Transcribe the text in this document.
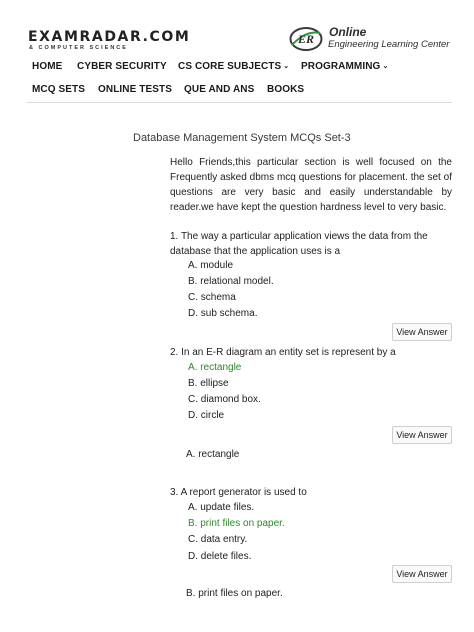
EXAMRADAR.COM
& COMPUTER SCIENCE
ER Online
Engineering Learning Center
HOME CYBER SECURITY CS CORE SUBJECTS ⌄ PROGRAMMING ⌄
MCQ SETS ONLINE TESTS QUE AND ANS BOOKS
Database Management System MCQs Set-3
Hello Friends,this particular section is well focused on the Frequently asked dbms mcq questions for placement. the set of questions are very basic and easily understandable by reader.we have kept the question hardness level to very basic.
1. The way a particular application views the data from the database that the application uses is a
A. module
B. relational model.
C. schema
D. sub schema.
View Answer
2. In an E-R diagram an entity set is represent by a
A. rectangle
B. ellipse
C. diamond box.
D. circle
View Answer
A. rectangle
3. A report generator is used to
A. update files.
B. print files on paper.
C. data entry.
D. delete files.
View Answer
B. print files on paper.
